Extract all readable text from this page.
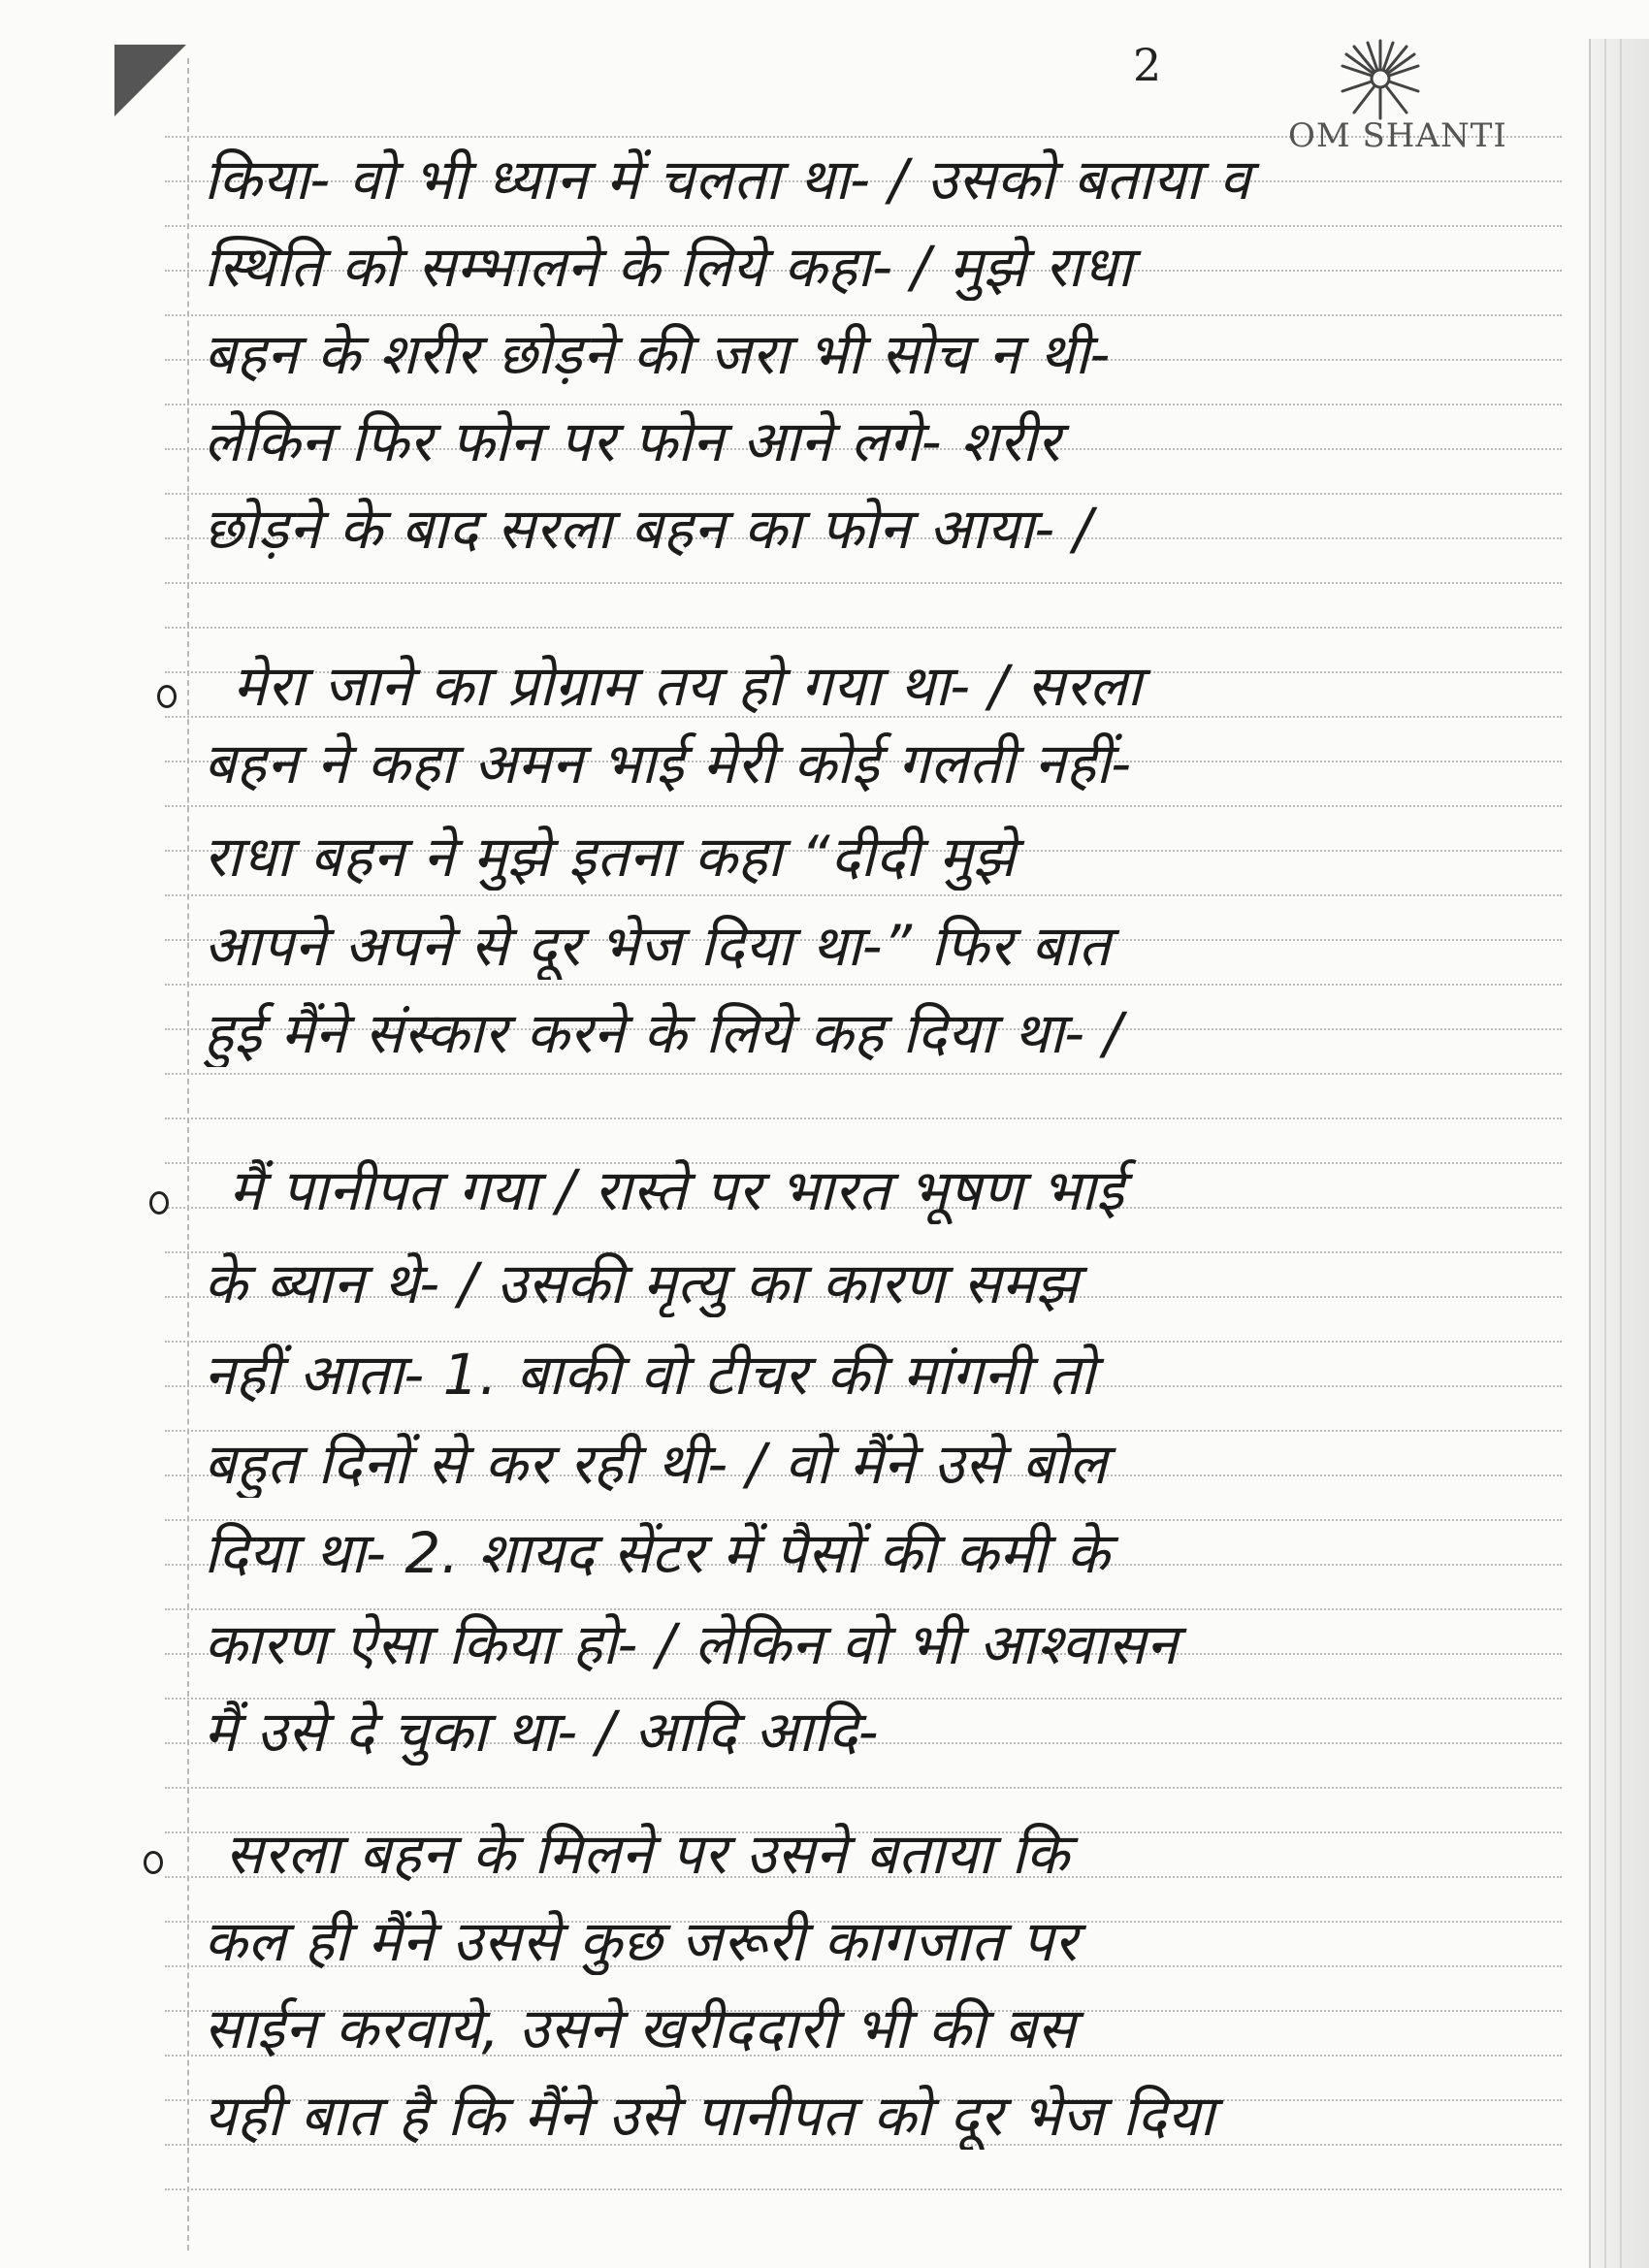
2
OM SHANTI
किया- वो भी ध्यान में चलता था- / उसको बताया व
स्थिति को सम्भालने के लिये कहा- / मुझे राधा
बहन के शरीर छोड़ने की जरा भी सोच न थी-
लेकिन फिर फोन पर फोन आने लगे- शरीर
छोड़ने के बाद सरला बहन का फोन आया- /
मेरा जाने का प्रोग्राम तय हो गया था- / सरला
बहन ने कहा अमन भाई मेरी कोई गलती नहीं-
राधा बहन ने मुझे इतना कहा “दीदी मुझे
आपने अपने से दूर भेज दिया था-” फिर बात
हुई मैंने संस्कार करने के लिये कह दिया था- /
मैं पानीपत गया / रास्ते पर भारत भूषण भाई
के ब्यान थे- / उसकी मृत्यु का कारण समझ
नहीं आता- 1. बाकी वो टीचर की मांगनी तो
बहुत दिनों से कर रही थी- / वो मैंने उसे बोल
दिया था- 2. शायद सेंटर में पैसों की कमी के
कारण ऐसा किया हो- / लेकिन वो भी आश्वासन
मैं उसे दे चुका था- / आदि आदि-
सरला बहन के मिलने पर उसने बताया कि
कल ही मैंने उससे कुछ जरूरी कागजात पर
साईन करवाये, उसने खरीददारी भी की बस
यही बात है कि मैंने उसे पानीपत को दूर भेज दिया
